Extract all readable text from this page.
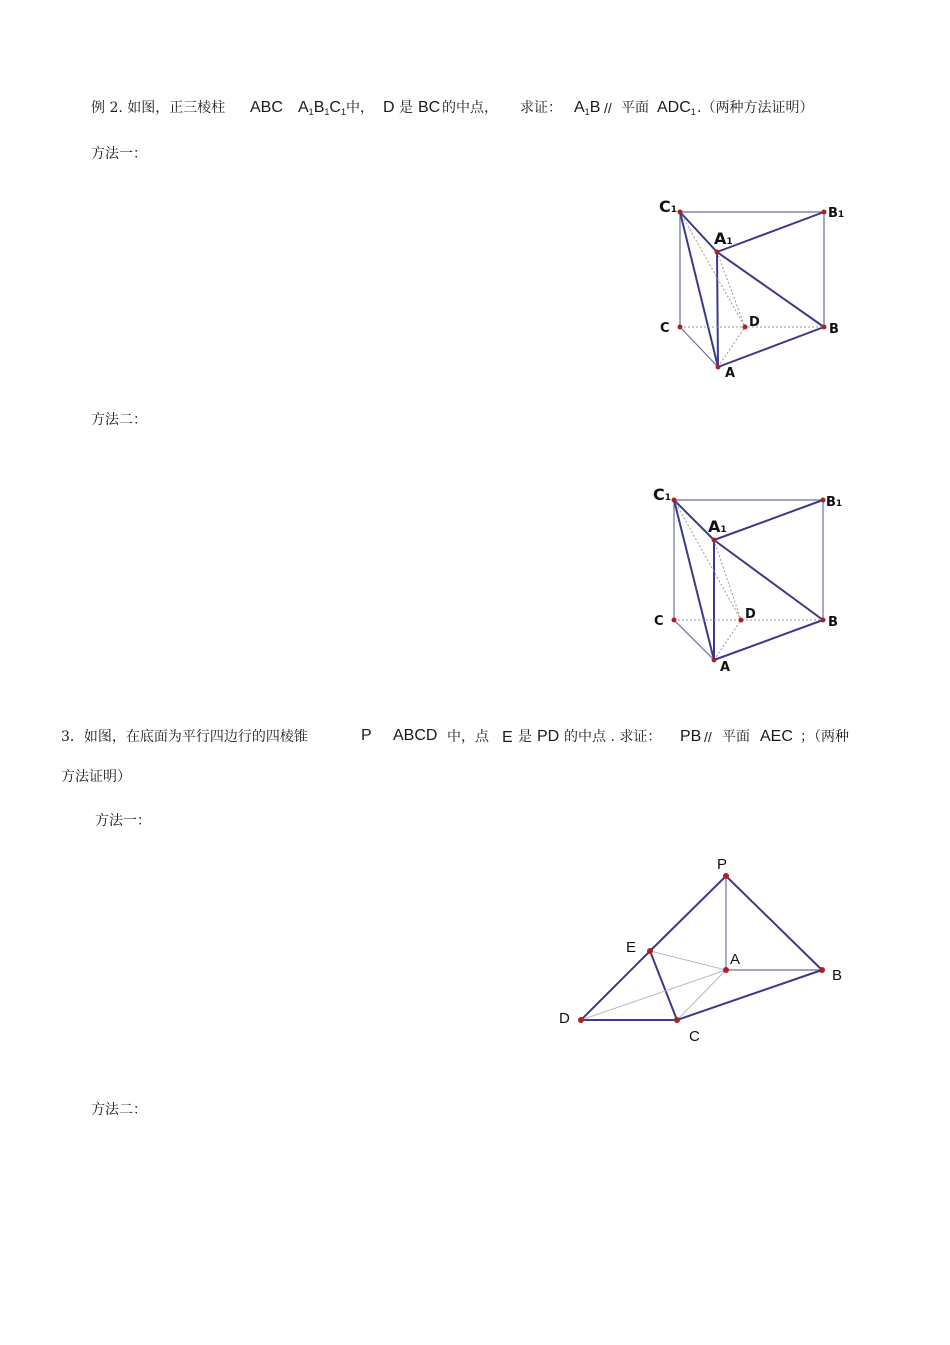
例 2. 如图，正三棱柱 ABC $A_1B_1C_1$ 中， D 是 BC 的中点， 求证： $A_1B$ // 平面 $ADC_1$ .（两种方法证明）
方法一：
C1	B1
A1
C	D	B
A
方法二：
C1	B1
A1
C	D
B
A
3．如图，在底面为平行四边行的四棱锥	P ABCD 中，点 E 是 PD 的中点 . 求证： PB // 平面 AEC ；（两种
方法证明）
方法一：
P
E
A
B
D
C
方法二：
